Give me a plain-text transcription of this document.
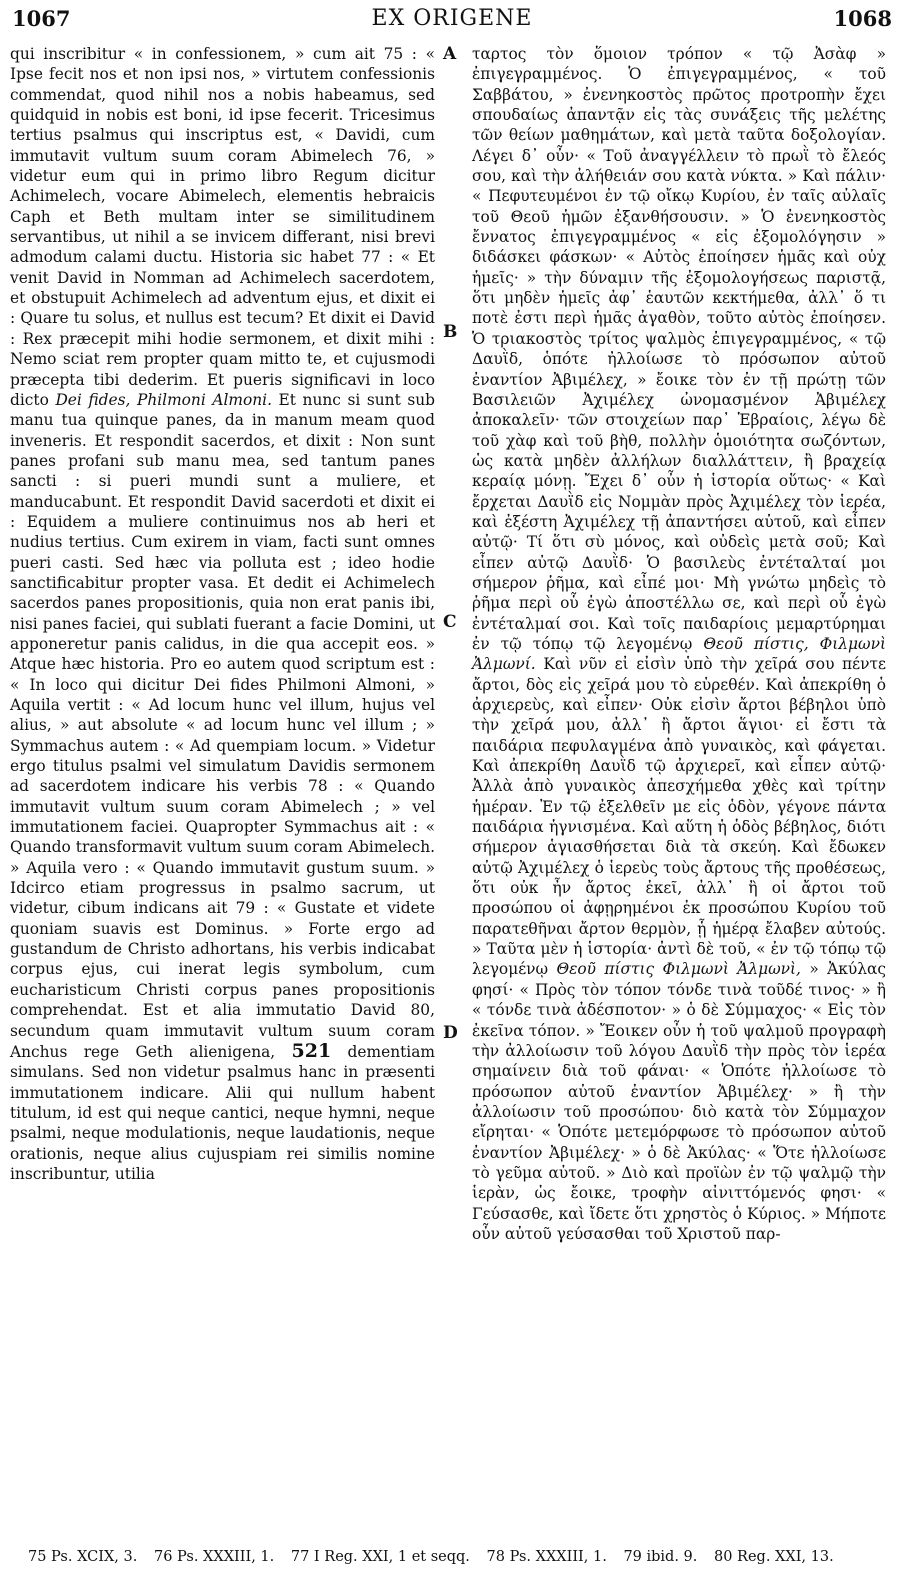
1067	EX ORIGENE	1068

qui inscribitur « in confessionem, » cum ait 75 : « Ipse fecit nos et non ipsi nos, » virtutem confessionis commendat, quod nihil nos a nobis habeamus, sed quidquid in nobis est boni, id ipse fecerit. Tricesimus tertius psalmus qui inscriptus est, « Davidi, cum immutavit vultum suum coram Abimelech 76, » videtur eum qui in primo libro Regum dicitur Achimelech, vocare Abimelech, elementis hebraicis Caph et Beth multam inter se similitudinem servantibus, ut nihil a se invicem differant, nisi brevi admodum calami ductu. Historia sic habet 77 : « Et venit David in Nomman ad Achimelech sacerdotem, et obstupuit Achimelech ad adventum ejus, et dixit ei : Quare tu solus, et nullus est tecum? Et dixit ei David : Rex præcepit mihi hodie sermonem, et dixit mihi : Nemo sciat rem propter quam mitto te, et cujusmodi præcepta tibi dederim. Et pueris significavi in loco dicto Dei fides, Philmoni Almoni. Et nunc si sunt sub manu tua quinque panes, da in manum meam quod inveneris. Et respondit sacerdos, et dixit : Non sunt panes profani sub manu mea, sed tantum panes sancti : si pueri mundi sunt a muliere, et manducabunt. Et respondit David sacerdoti et dixit ei : Equidem a muliere continuimus nos ab heri et nudius tertius. Cum exirem in viam, facti sunt omnes pueri casti. Sed hæc via polluta est ; ideo hodie sanctificabitur propter vasa. Et dedit ei Achimelech sacerdos panes propositionis, quia non erat panis ibi, nisi panes faciei, qui sublati fuerant a facie Domini, ut apponeretur panis calidus, in die qua accepit eos. » Atque hæc historia. Pro eo autem quod scriptum est : « In loco qui dicitur Dei fides Philmoni Almoni, » Aquila vertit : « Ad locum hunc vel illum, hujus vel alius, » aut absolute « ad locum hunc vel illum ; » Symmachus autem : « Ad quempiam locum. » Videtur ergo titulus psalmi vel simulatum Davidis sermonem ad sacerdotem indicare his verbis 78 : « Quando immutavit vultum suum coram Abimelech ; » vel immutationem faciei. Quapropter Symmachus ait : « Quando transformavit vultum suum coram Abimelech. » Aquila vero : « Quando immutavit gustum suum. » Idcirco etiam progressus in psalmo sacrum, ut videtur, cibum indicans ait 79 : « Gustate et videte quoniam suavis est Dominus. » Forte ergo ad gustandum de Christo adhortans, his verbis indicabat corpus ejus, cui inerat legis symbolum, cum eucharisticum Christi corpus panes propositionis comprehendat. Est et alia immutatio David 80, secundum quam immutavit vultum suum coram Anchus rege Geth alienigena, 521 dementiam simulans. Sed non videtur psalmus hanc in præsenti immutationem indicare. Alii qui nullum habent titulum, id est qui neque cantici, neque hymni, neque psalmi, neque modulationis, neque laudationis, neque orationis, neque alius cujuspiam rei similis nomine inscribuntur, utilia

A
B
C
D

ταρτος τὸν ὅμοιον τρόπον « τῷ Ἀσὰφ » ἐπιγεγραμμένος. Ὁ ἐπιγεγραμμένος, « τοῦ Σαββάτου, » ἐνενηκοστὸς πρῶτος προτροπὴν ἔχει σπουδαίως ἀπαντᾷν εἰς τὰς συνάξεις τῆς μελέτης τῶν θείων μαθημάτων, καὶ μετὰ ταῦτα δοξολογίαν. Λέγει δ᾽ οὖν· « Τοῦ ἀναγγέλλειν τὸ πρωῒ τὸ ἔλεός σου, καὶ τὴν ἀλήθειάν σου κατὰ νύκτα. » Καὶ πάλιν· « Πεφυτευμένοι ἐν τῷ οἴκῳ Κυρίου, ἐν ταῖς αὐλαῖς τοῦ Θεοῦ ἡμῶν ἐξανθήσουσιν. » Ὁ ἐνενηκοστὸς ἔννατος ἐπιγεγραμμένος « εἰς ἐξομολόγησιν » διδάσκει φάσκων· « Αὐτὸς ἐποίησεν ἡμᾶς καὶ οὐχ ἡμεῖς· » τὴν δύναμιν τῆς ἐξομολογήσεως παριστᾷ, ὅτι μηδὲν ἡμεῖς ἀφ᾽ ἑαυτῶν κεκτήμεθα, ἀλλ᾽ ὅ τι ποτὲ ἐστι περὶ ἡμᾶς ἀγαθὸν, τοῦτο αὐτὸς ἐποίησεν. Ὁ τριακοστὸς τρίτος ψαλμὸς ἐπιγεγραμμένος, « τῷ Δαυῒδ, ὁπότε ἠλλοίωσε τὸ πρόσωπον αὐτοῦ ἐναντίον Ἀβιμέλεχ, » ἔοικε τὸν ἐν τῇ πρώτῃ τῶν Βασιλειῶν Ἀχιμέλεχ ὠνομασμένον Ἀβιμέλεχ ἀποκαλεῖν· τῶν στοιχείων παρ᾽ Ἑβραίοις, λέγω δὲ τοῦ χὰφ καὶ τοῦ βὴθ, πολλὴν ὁμοιότητα σωζόντων, ὡς κατὰ μηδὲν ἀλλήλων διαλλάττειν, ἢ βραχείᾳ κεραίᾳ μόνῃ. Ἔχει δ᾽ οὖν ἡ ἱστορία οὕτως· « Καὶ ἔρχεται Δαυῒδ εἰς Νομμὰν πρὸς Ἀχιμέλεχ τὸν ἱερέα, καὶ ἐξέστη Ἀχιμέλεχ τῇ ἀπαντήσει αὐτοῦ, καὶ εἶπεν αὐτῷ· Τί ὅτι σὺ μόνος, καὶ οὐδεὶς μετὰ σοῦ; Καὶ εἶπεν αὐτῷ Δαυῒδ· Ὁ βασιλεὺς ἐντέταλταί μοι σήμερον ῥῆμα, καὶ εἶπέ μοι· Μὴ γνώτω μηδεὶς τὸ ῥῆμα περὶ οὗ ἐγὼ ἀποστέλλω σε, καὶ περὶ οὗ ἐγὼ ἐντέταλμαί σοι. Καὶ τοῖς παιδαρίοις μεμαρτύρημαι ἐν τῷ τόπῳ τῷ λεγομένῳ Θεοῦ πίστις, Φιλμωνὶ Ἀλμωνί. Καὶ νῦν εἰ εἰσὶν ὑπὸ τὴν χεῖρά σου πέντε ἄρτοι, δὸς εἰς χεῖρά μου τὸ εὑρεθέν. Καὶ ἀπεκρίθη ὁ ἀρχιερεὺς, καὶ εἶπεν· Οὐκ εἰσὶν ἄρτοι βέβηλοι ὑπὸ τὴν χεῖρά μου, ἀλλ᾽ ἢ ἄρτοι ἅγιοι· εἰ ἔστι τὰ παιδάρια πεφυλαγμένα ἀπὸ γυναικὸς, καὶ φάγεται. Καὶ ἀπεκρίθη Δαυῒδ τῷ ἀρχιερεῖ, καὶ εἶπεν αὐτῷ· Ἀλλὰ ἀπὸ γυναικὸς ἀπεσχήμεθα χθὲς καὶ τρίτην ἡμέραν. Ἐν τῷ ἐξελθεῖν με εἰς ὁδὸν, γέγονε πάντα παιδάρια ἡγνισμένα. Καὶ αὕτη ἡ ὁδὸς βέβηλος, διότι σήμερον ἁγιασθήσεται διὰ τὰ σκεύη. Καὶ ἔδωκεν αὐτῷ Ἀχιμέλεχ ὁ ἱερεὺς τοὺς ἄρτους τῆς προθέσεως, ὅτι οὐκ ἦν ἄρτος ἐκεῖ, ἀλλ᾽ ἢ οἱ ἄρτοι τοῦ προσώπου οἱ ἀφῃρημένοι ἐκ προσώπου Κυρίου τοῦ παρατεθῆναι ἄρτον θερμὸν, ᾗ ἡμέρᾳ ἔλαβεν αὐτούς. » Ταῦτα μὲν ἡ ἱστορία· ἀντὶ δὲ τοῦ, « ἐν τῷ τόπῳ τῷ λεγομένῳ Θεοῦ πίστις Φιλμωνὶ Ἀλμωνὶ, » Ἀκύλας φησί· « Πρὸς τὸν τόπον τόνδε τινὰ τοῦδέ τινος· » ἢ « τόνδε τινὰ ἀδέσποτον· » ὁ δὲ Σύμμαχος· « Εἰς τὸν ἐκεῖνα τόπον. » Ἔοικεν οὖν ἡ τοῦ ψαλμοῦ προγραφὴ τὴν ἀλλοίωσιν τοῦ λόγου Δαυῒδ τὴν πρὸς τὸν ἱερέα σημαίνειν διὰ τοῦ φάναι· « Ὁπότε ἠλλοίωσε τὸ πρόσωπον αὐτοῦ ἐναντίον Ἀβιμέλεχ· » ἢ τὴν ἀλλοίωσιν τοῦ προσώπου· διὸ κατὰ τὸν Σύμμαχον εἴρηται· « Ὁπότε μετεμόρφωσε τὸ πρόσωπον αὐτοῦ ἐναντίον Ἀβιμέλεχ· » ὁ δὲ Ἀκύλας· « Ὅτε ἠλλοίωσε τὸ γεῦμα αὐτοῦ. » Διὸ καὶ προϊὼν ἐν τῷ ψαλμῷ τὴν ἱερὰν, ὡς ἔοικε, τροφὴν αἰνιττόμενός φησι· « Γεύσασθε, καὶ ἴδετε ὅτι χρηστὸς ὁ Κύριος. » Μήποτε οὖν αὐτοῦ γεύσασθαι τοῦ Χριστοῦ παρ-

75 Ps. XCIX, 3. 76 Ps. XXXIII, 1. 77 I Reg. XXI, 1 et seqq. 78 Ps. XXXIII, 1. 79 ibid. 9. 80 Reg. XXI, 13.
